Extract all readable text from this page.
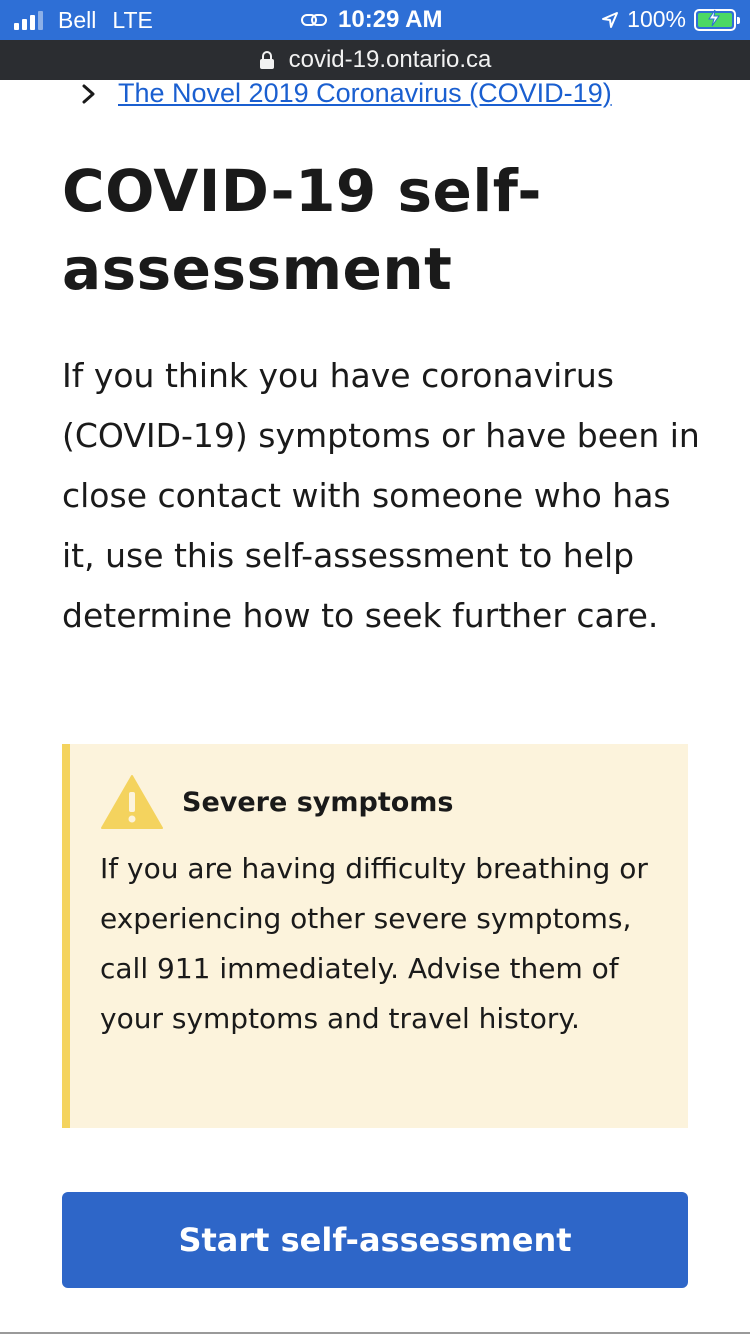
Bell LTE	10:29 AM	100%
covid-19.ontario.ca
The Novel 2019 Coronavirus (COVID-19)
COVID-19 self-assessment

If you think you have coronavirus (COVID-19) symptoms or have been in close contact with someone who has it, use this self-assessment to help determine how to seek further care.

Severe symptoms

If you are having difficulty breathing or experiencing other severe symptoms, call 911 immediately. Advise them of your symptoms and travel history.

Start self-assessment
